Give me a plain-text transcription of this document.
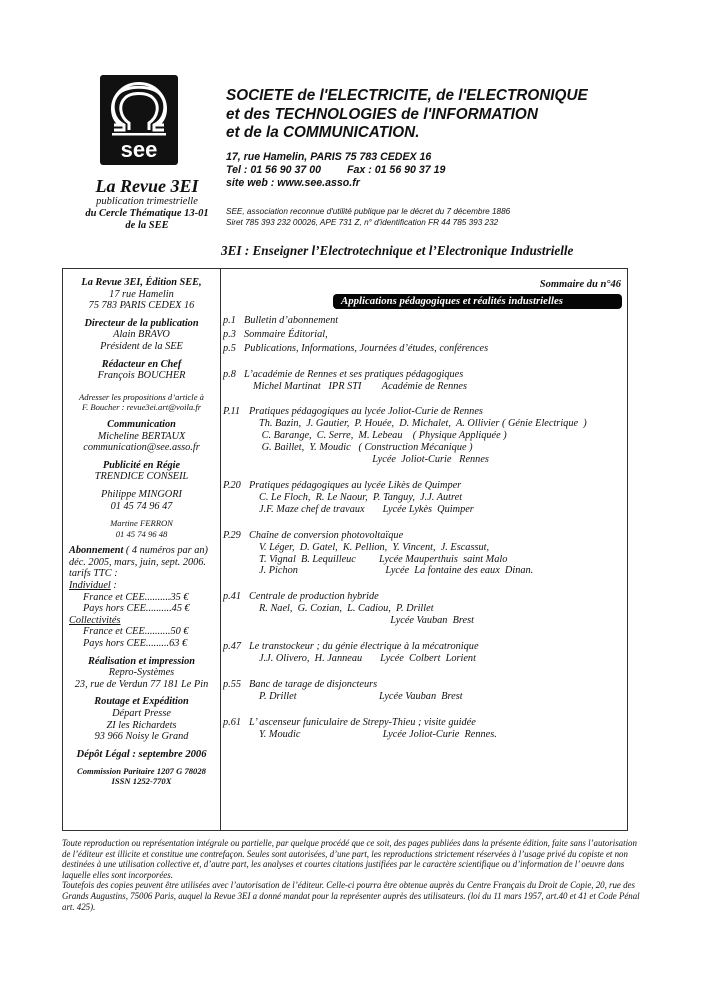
see
La Revue 3EI
publication trimestrielle
du Cercle Thématique 13-01
de la SEE
SOCIETE de l'ELECTRICITE, de l'ELECTRONIQUE
et des TECHNOLOGIES de l'INFORMATION
et de la COMMUNICATION.
17, rue Hamelin, PARIS 75 783 CEDEX 16
Tel : 01 56 90 37 00 Fax : 01 56 90 37 19
site web : www.see.asso.fr
SEE, association reconnue d'utilité publique par le décret du 7 décembre 1886
Siret 785 393 232 00026, APE 731 Z, n° d'identification FR 44 785 393 232
3EI : Enseigner l’Electrotechnique et l’Electronique Industrielle
La Revue 3EI, Édition SEE,
17 rue Hamelin
75 783 PARIS CEDEX 16
Directeur de la publication
Alain BRAVO
Président de la SEE
Rédacteur en Chef
François BOUCHER
Adresser les propositions d’article à
F. Boucher : revue3ei.art@voila.fr
Communication
Micheline BERTAUX
communication@see.asso.fr
Publicité en Régie
TRENDICE CONSEIL
Philippe MINGORI
01 45 74 96 47
Martine FERRON
01 45 74 96 48
Abonnement ( 4 numéros par an)
déc. 2005, mars, juin, sept. 2006.
tarifs TTC :
Individuel :
France et CEE..........35 €
Pays hors CEE..........45 €
Collectivités
France et CEE..........50 €
Pays hors CEE.........63 €
Réalisation et impression
Repro-Systèmes
23, rue de Verdun 77 181 Le Pin
Routage et Expédition
Départ Presse
ZI les Richardets
93 966 Noisy le Grand
Dépôt Légal : septembre 2006
Commission Paritaire 1207 G 78028
ISSN 1252-770X
Sommaire du n°46
Applications pédagogiques et réalités industrielles
p.1 Bulletin d’abonnement
p.3 Sommaire Éditorial,
p.5 Publications, Informations, Journées d’études, conférences
p.8 L’académie de Rennes et ses pratiques pédagogiques
Michel Martinat   IPR STI        Académie de Rennes
P.11 Pratiques pédagogiques au lycée Joliot-Curie de Rennes
Th. Bazin,  J. Gautier,  P. Houée,  D. Michalet,  A. Ollivier ( Génie Electrique  )
C. Barange,  C. Serre,  M. Lebeau    ( Physique Appliquée )
G. Baillet,  Y. Moudic   ( Construction Mécanique )
Lycée  Joliot-Curie   Rennes
P.20 Pratiques pédagogiques au lycée Likès de Quimper
C. Le Floch,  R. Le Naour,  P. Tanguy,  J.J. Autret
J.F. Maze chef de travaux       Lycée Lykès  Quimper
P.29 Chaîne de conversion photovoltaïque
V. Léger,  D. Gatel,  K. Pellion,  Y. Vincent,  J. Escassut,
T. Vignal  B. Lequilleuc         Lycée Mauperthuis  saint Malo
J. Pichon                                  Lycée  La fontaine des eaux  Dinan.
p.41 Centrale de production hybride
R. Nael,  G. Cozian,  L. Cadiou,  P. Drillet
Lycée Vauban  Brest
p.47 Le transtockeur ; du génie électrique à la mécatronique
J.J. Olivero,  H. Janneau       Lycée  Colbert  Lorient
p.55 Banc de tarage de disjoncteurs
P. Drillet                                Lycée Vauban  Brest
p.61 L’ ascenseur funiculaire de Strepy-Thieu ; visite guidée
Y. Moudic                                Lycée Joliot-Curie  Rennes.
Toute reproduction ou représentation intégrale ou partielle, par quelque procédé que ce soit, des pages publiées dans la présente édition, faite sans l’autorisation de l’éditeur est illicite et constitue une contrefaçon. Seules sont autorisées, d’une part, les reproductions strictement réservées à l’usage privé du copiste et non destinées à une utilisation collective et, d’autre part, les analyses et courtes citations justifiées par le caractère scientifique ou d’information de l’ oeuvre dans laquelle elles sont incorporées.
Toutefois des copies peuvent être utilisées avec l’autorisation de l’éditeur. Celle-ci pourra être obtenue auprès du Centre Français du Droit de Copie, 20, rue des Grands Augustins, 75006 Paris, auquel la Revue 3EI a donné mandat pour la représenter auprès des utilisateurs. (loi du 11 mars 1957, art.40 et 41 et Code Pénal art. 425).
